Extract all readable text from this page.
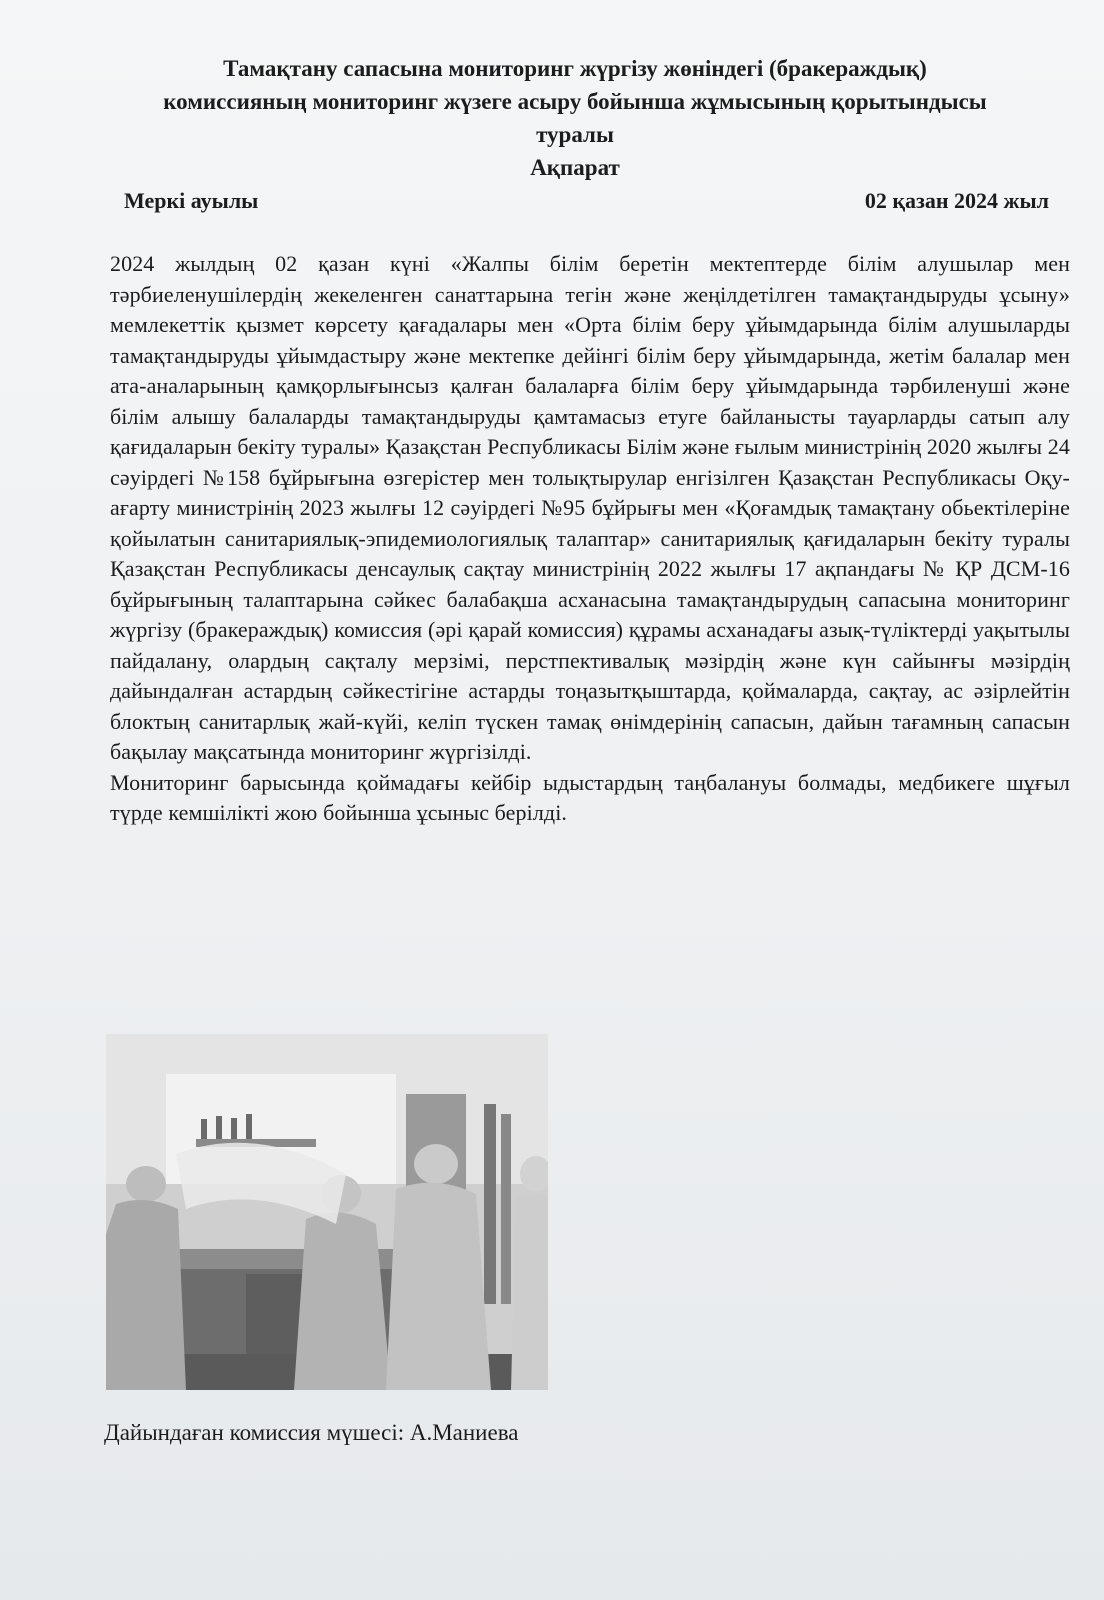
Тамақтану сапасына мониторинг жүргізу жөніндегі (бракераждық)
комиссияның мониторинг жүзеге асыру бойынша жұмысының қорытындысы
туралы
Ақпарат
Меркі ауылы	02 қазан 2024 жыл

2024 жылдың 02 қазан күні «Жалпы білім беретін мектептерде білім алушылар мен тәрбиеленушілердің жекеленген санаттарына тегін және жеңілдетілген тамақтандыруды ұсыну» мемлекеттік қызмет көрсету қағадалары мен «Орта білім беру ұйымдарында білім алушыларды тамақтандыруды ұйымдастыру және мектепке дейінгі білім беру ұйымдарында, жетім балалар мен ата-аналарының қамқорлығынсыз қалған балаларға білім беру ұйымдарында тәрбиленуші және білім алышу балаларды тамақтандыруды қамтамасыз етуге байланысты тауарларды сатып алу қағидаларын бекіту туралы» Қазақстан Республикасы Білім және ғылым министрінің 2020 жылғы 24 сәуірдегі №158 бұйрығына өзгерістер мен толықтырулар енгізілген Қазақстан Республикасы Оқу-ағарту министрінің 2023 жылғы 12 сәуірдегі №95 бұйрығы мен «Қоғамдық тамақтану обьектілеріне қойылатын санитариялық-эпидемиологиялық талаптар» санитариялық қағидаларын бекіту туралы Қазақстан Республикасы денсаулық сақтау министрінің 2022 жылғы 17 ақпандағы № ҚР ДСМ-16 бұйрығының талаптарына сәйкес балабақша асханасына тамақтандырудың сапасына мониторинг жүргізу (бракераждық) комиссия (әрі қарай комиссия) құрамы асханадағы азық-түліктерді уақытылы пайдалану, олардың сақталу мерзімі, перстпективалық мәзірдің және күн сайынғы мәзірдің дайындалған астардың сәйкестігіне астарды тоңазытқыштарда, қоймаларда, сақтау, ас әзірлейтін блоктың санитарлық жай-күйі, келіп түскен тамақ өнімдерінің сапасын, дайын тағамның сапасын бақылау мақсатында мониторинг жүргізілді.

Мониторинг барысында қоймадағы кейбір ыдыстардың таңбалануы болмады, медбикеге шұғыл түрде кемшілікті жою бойынша ұсыныс берілді.

Дайындаған комиссия мүшесі: А.Маниева
